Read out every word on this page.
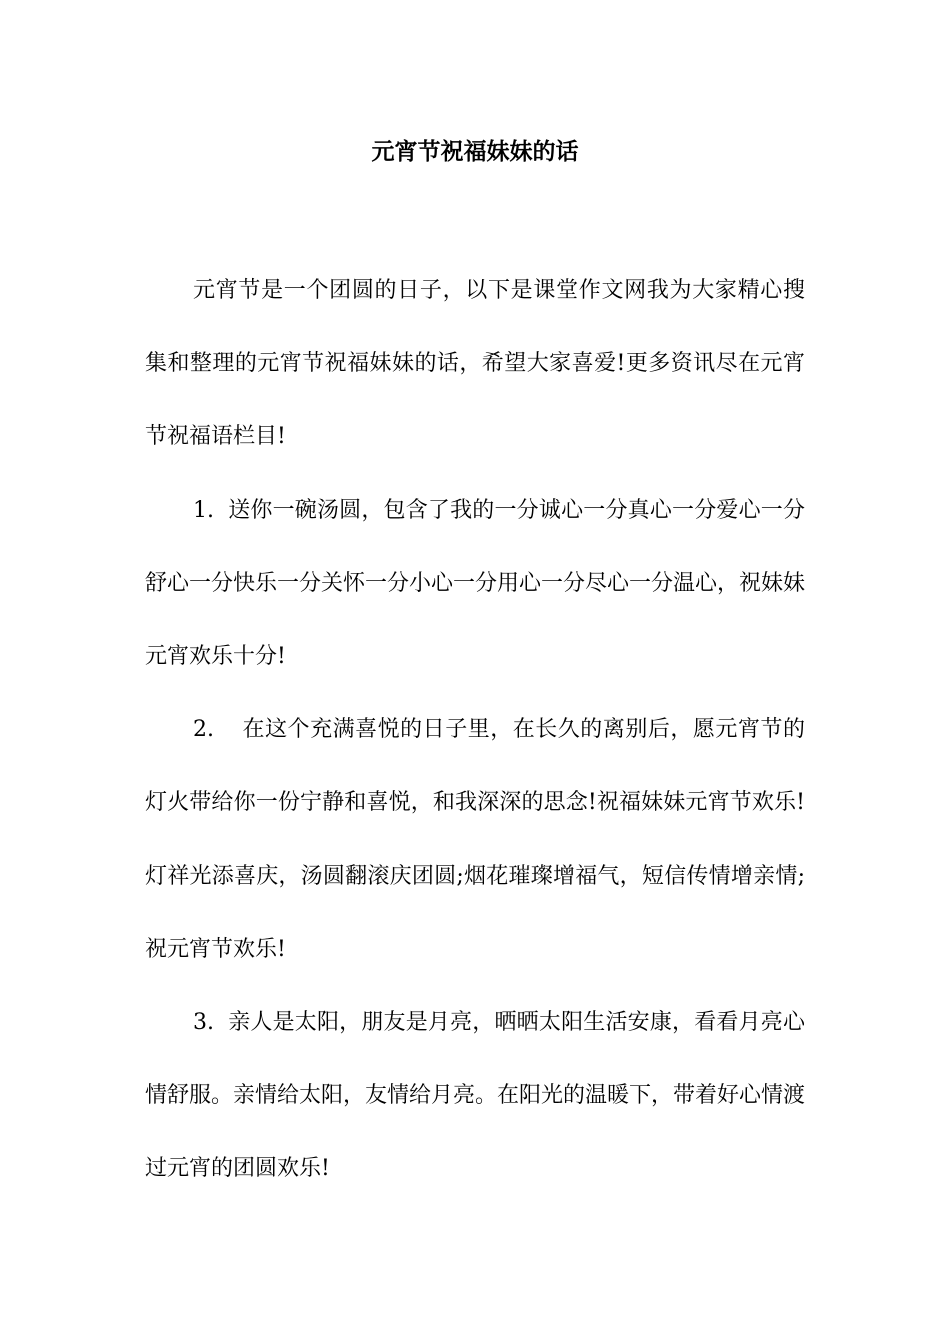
元宵节祝福妹妹的话

元宵节是一个团圆的日子，以下是课堂作文网我为大家精心搜集和整理的元宵节祝福妹妹的话，希望大家喜爱!更多资讯尽在元宵节祝福语栏目!

1. 送你一碗汤圆，包含了我的一分诚心一分真心一分爱心一分舒心一分快乐一分关怀一分小心一分用心一分尽心一分温心，祝妹妹元宵欢乐十分!

2. 在这个充满喜悦的日子里，在长久的离别后，愿元宵节的灯火带给你一份宁静和喜悦，和我深深的思念!祝福妹妹元宵节欢乐!灯祥光添喜庆，汤圆翻滚庆团圆;烟花璀璨增福气，短信传情增亲情;祝元宵节欢乐!

3. 亲人是太阳，朋友是月亮，晒晒太阳生活安康，看看月亮心情舒服。亲情给太阳，友情给月亮。在阳光的温暖下，带着好心情渡过元宵的团圆欢乐!
